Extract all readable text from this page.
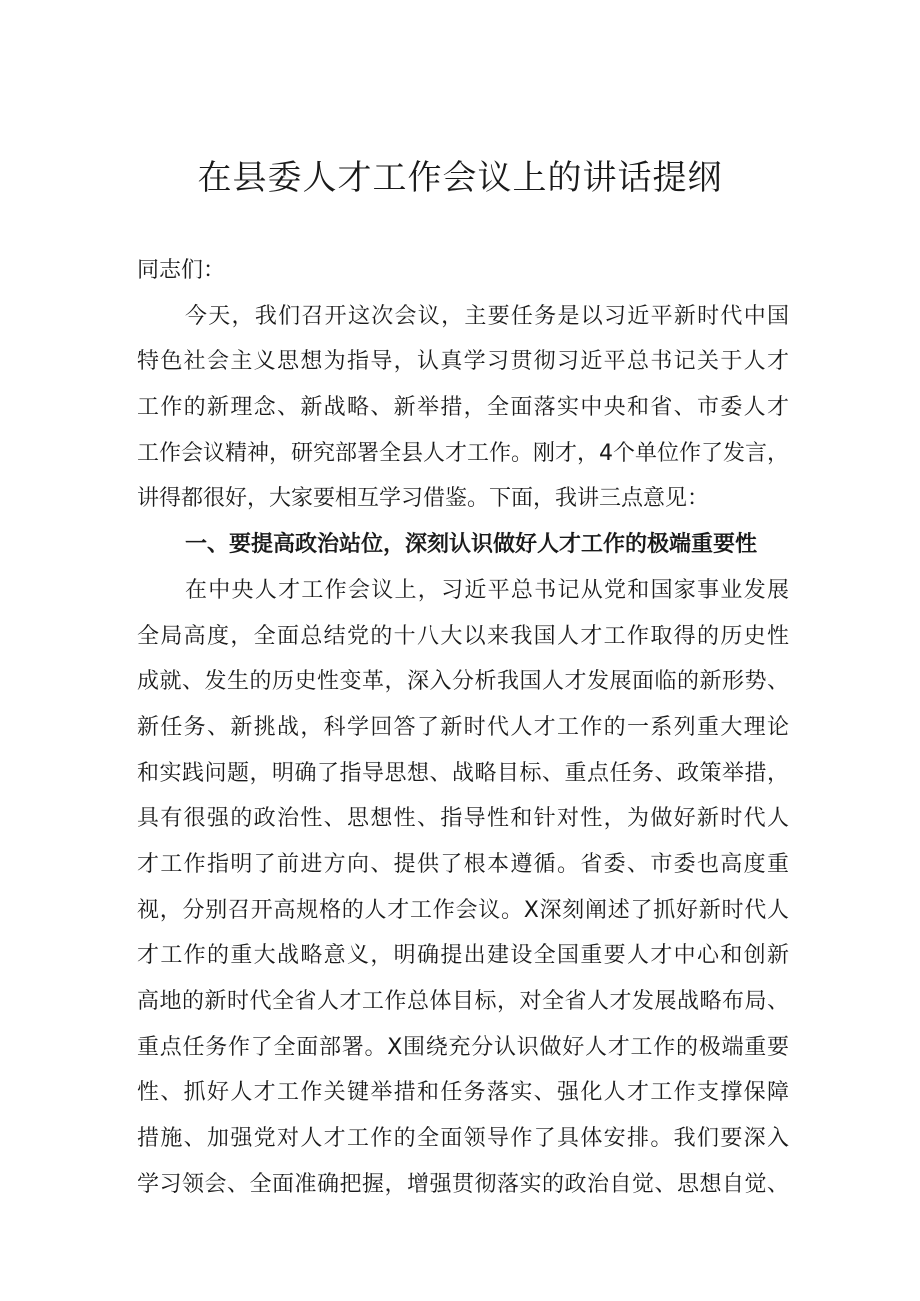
在县委人才工作会议上的讲话提纲
同志们：
今天，我们召开这次会议，主要任务是以习近平新时代中国
特色社会主义思想为指导，认真学习贯彻习近平总书记关于人才
工作的新理念、新战略、新举措，全面落实中央和省、市委人才
工作会议精神，研究部署全县人才工作。刚才，4个单位作了发言，
讲得都很好，大家要相互学习借鉴。下面，我讲三点意见：
一、要提高政治站位，深刻认识做好人才工作的极端重要性
在中央人才工作会议上，习近平总书记从党和国家事业发展
全局高度，全面总结党的十八大以来我国人才工作取得的历史性
成就、发生的历史性变革，深入分析我国人才发展面临的新形势、
新任务、新挑战，科学回答了新时代人才工作的一系列重大理论
和实践问题，明确了指导思想、战略目标、重点任务、政策举措，
具有很强的政治性、思想性、指导性和针对性，为做好新时代人
才工作指明了前进方向、提供了根本遵循。省委、市委也高度重
视，分别召开高规格的人才工作会议。X深刻阐述了抓好新时代人
才工作的重大战略意义，明确提出建设全国重要人才中心和创新
高地的新时代全省人才工作总体目标，对全省人才发展战略布局、
重点任务作了全面部署。X围绕充分认识做好人才工作的极端重要
性、抓好人才工作关键举措和任务落实、强化人才工作支撑保障
措施、加强党对人才工作的全面领导作了具体安排。我们要深入
学习领会、全面准确把握，增强贯彻落实的政治自觉、思想自觉、
